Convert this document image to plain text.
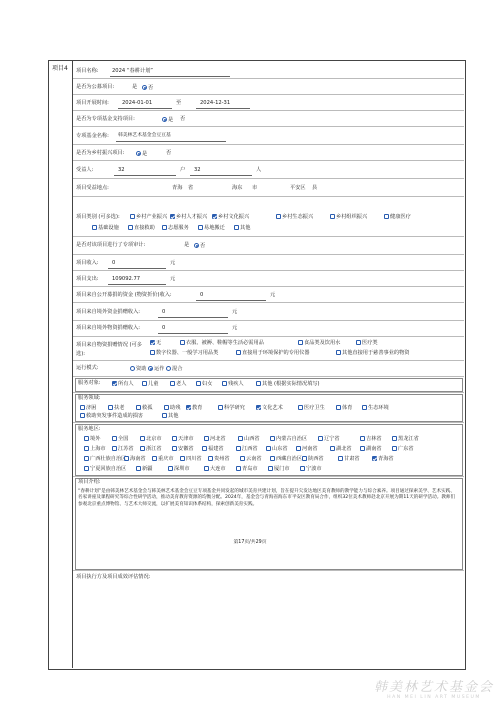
项目4 项目名称:	2024 “春耕计划”
是否为公募项目:	是	否
项目开展时间:	2024-01-01	至	2024-12-31
是否为专项基金支持项目:	是 否
专项基金名称: 韩美林艺术基金会豆豆基
是否为乡村振兴项目:	是	否
受益人:	32	户 32	人
项目受益地点:	青海 省	海东 市	平安区 县
项目类别 (可多选):	乡村产业振兴	乡村人才振兴	乡村文化振兴	乡村生态振兴	乡村组织振兴	健康医疗
基础设施	直接救助	志愿服务	易地搬迁	其他
是否对该项目进行了专项审计:	是	否
项目收入:	0	元
项目支出:	109092.77	元
项目来自公开募捐的资金 (物资折价)收入:	0	元
项目来自境外资金捐赠收入:	0	元
项目来自境外物资捐赠收入:	0	元
项目来自物资捐赠情况 (可多选):
无	衣服、被褥、鞋帽等生活必需用品	食品类及饮用水	医疗类
数字仪器、一般学习用品类	直接用于环境保护的专用仪器	其他直接用于慈善事业的物资
运行模式:	资助	运作	混合
服务对象:	所有人	儿童	老人	妇女	残疾人	其他 (根据实际情况填写)
服务领域:
济困	扶老	救孤	助残	教育	科学研究	文化艺术	医疗卫生	体育	生态环境
救助突发事件造成的损害	其他
服务地区:
境外	全国	北京市	天津市	河北省	山西省	内蒙古自治区	辽宁省	吉林省	黑龙江省
上海市	江苏省	浙江省	安徽省	福建省	江西省	山东省	河南省	湖北省	湖南省	广东省
广西壮族自治区 海南省	重庆市	四川省	贵州省	云南省	西藏自治区	陕西省	甘肃省	青海省
宁夏回族自治区	新疆	深圳市	大连市	青岛市	厦门市	宁波市
项目介绍:
“春耕计划”是由韩美林艺术基金会与韩美林艺术基金会豆豆专项基金共同发起的城市美育共建计划，旨在提升欠发达地区美育教师的教学能力与综合素养。项目通过探索美学、艺术实践、名家讲座及课程研究等综合性研学活动，推动美育教育资源的均衡分配。2024年，基金会与青海省海东市平安区教育局合作，组织32位美术教师赴北京开展为期11天的研学活动。教师们参观北京重点博物馆、与艺术大师交流，以扩展美育知识体系结构，探索创新美育实践。
第17页/共29页
项目执行方及项目成效评估情况:
韩美林艺术基金会
HAN MEI LIN ART MUSEUM
